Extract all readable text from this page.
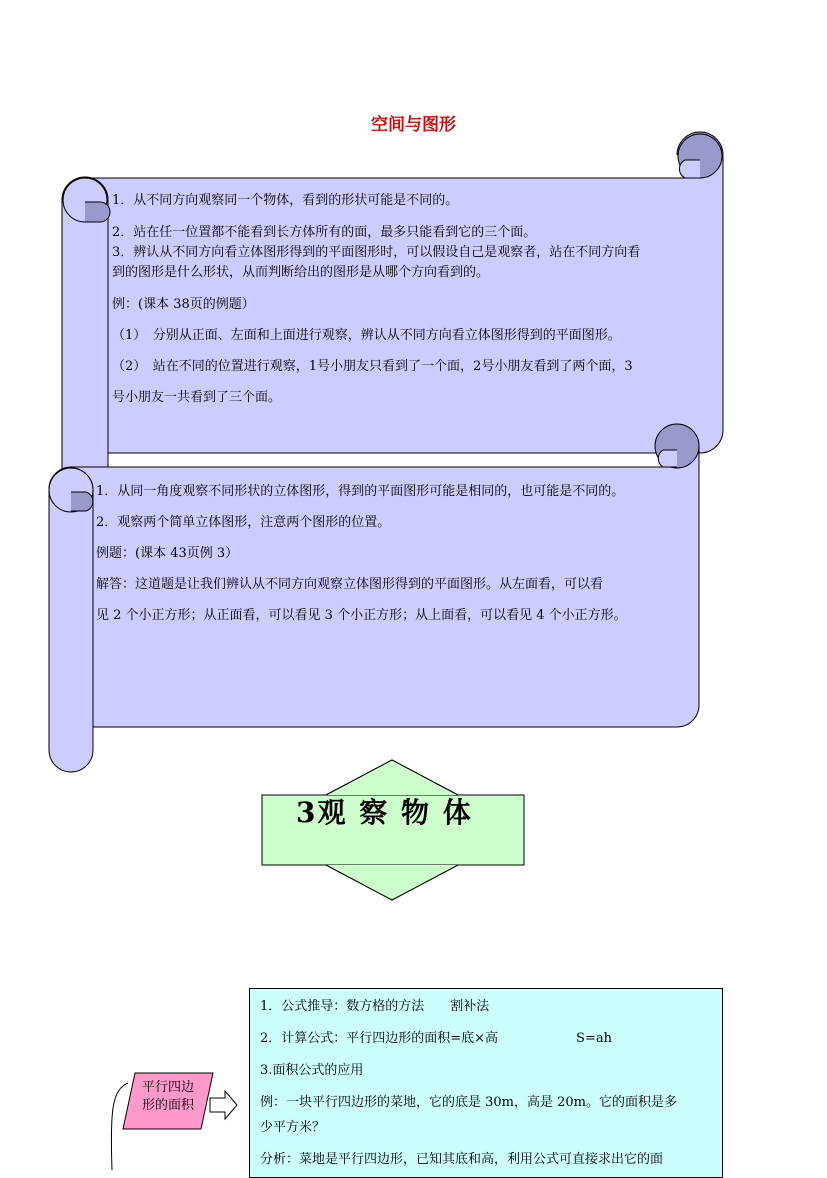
空间与图形

1．从不同方向观察同一个物体，看到的形状可能是不同的。

2．站在任一位置都不能看到长方体所有的面，最多只能看到它的三个面。

3．辨认从不同方向看立体图形得到的平面图形时，可以假设自己是观察者，站在不同方向看

到的图形是什么形状，从而判断给出的图形是从哪个方向看到的。

例：(课本 38页的例题）

（1）　分别从正面、左面和上面进行观察，辨认从不同方向看立体图形得到的平面图形。

（2）　站在不同的位置进行观察，1号小朋友只看到了一个面，2号小朋友看到了两个面，3

号小朋友一共看到了三个面。

1．从同一角度观察不同形状的立体图形，得到的平面图形可能是相同的，也可能是不同的。

2．观察两个简单立体图形，注意两个图形的位置。

例题：(课本 43页例 3）

解答：这道题是让我们辨认从不同方向观察立体图形得到的平面图形。从左面看，可以看

见 2 个小正方形；从正面看，可以看见 3 个小正方形；从上面看，可以看见 4 个小正方形。

3观 察 物 体
平行四边
形的面积

1．公式推导：数方格的方法　　割补法

2．计算公式：平行四边形的面积=底×高　　　　　　S=ah

3.面积公式的应用

例：一块平行四边形的菜地，它的底是 30m，高是 20m。它的面积是多

少平方米？

分析：菜地是平行四边形，已知其底和高，利用公式可直接求出它的面
